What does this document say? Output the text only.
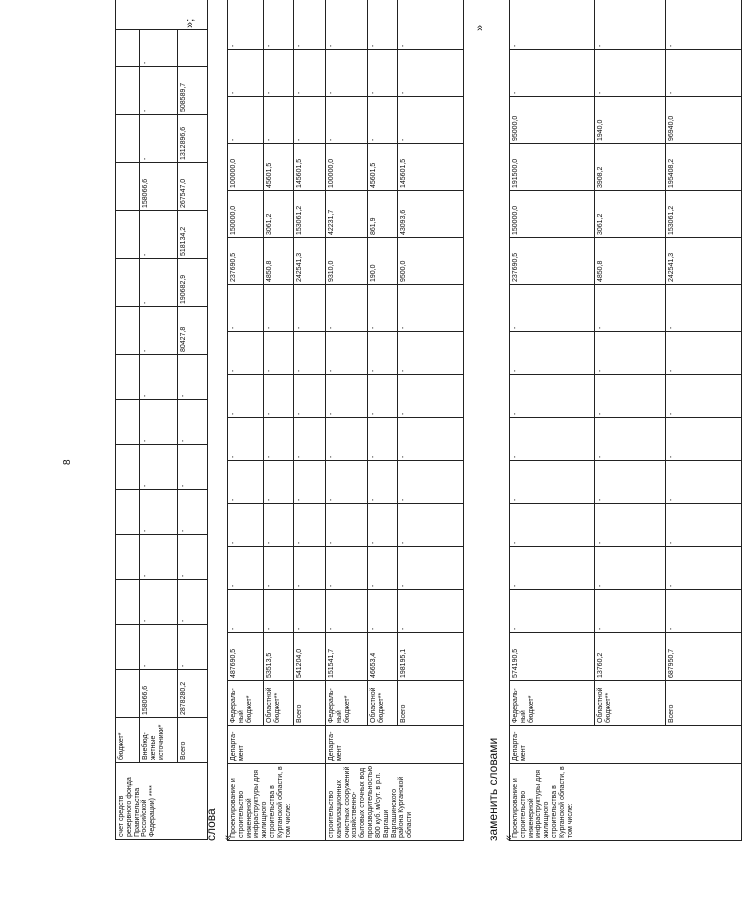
8
счет средств резервного фонда Правительства Российской Федерации) ****		бюджет*																
	Внебюд-жетные источники*	158066,6	-	-	-	-	-	-	-	-	-	-	158066,6	-	-	-	
	Всего	2878280,2	-	-	-	-	-	-	-	80427,8	190682,9	518134,2	267547,0	1312896,6	508589,7		
»;
слова «
Проектирование и строительство инженерной инфраструктуры для жилищного строительства в Курганской области, в том числе:	Департа-мент	Федераль-ный бюджет*	487690,5	-	-	-	-	-	-	-	-	237690,5	150000,0	100000,0	-	-	-	
		Областной бюджет**	53513,5	-	-	-	-	-	-	-	-	4850,8	3061,2	45601,5	-	-	-	
		Всего	541204,0	-	-	-	-	-	-	-	-	242541,3	153061,2	145601,5	-	-	-	
строительство канализационных очистных сооружений хозяйственно-бытовых сточных вод производительностью 800 куб. м/сут. в р.п. Варгаши Варгашинского района Курганской области	Департа-мент	Федераль-ный бюджет*	151541,7	-	-	-	-	-	-	-	-	9310,0	42231,7	100000,0	-	-	-	
		Областной бюджет**	46653,4	-	-	-	-	-	-	-	-	190,0	861,9	45601,5	-	-	-	
		Всего	198195,1	-	-	-	-	-	-	-	-	9500,0	43093,6	145601,5	-	-	-	
»
заменить словами «
Проектирование и строительство инженерной инфраструктуры для жилищного строительства в Курганской области, в том числе:	Департа-мент	Федераль-ный бюджет*	574190,5	-	-	-	-	-	-	-	-	237690,5	150000,0	191500,0	95000,0	-	-	
		Областной бюджет**	13760,2	-	-	-	-	-	-	-	-	4850,8	3061,2	3908,2	1940,0	-	-	
		Всего	687950,7	-	-	-	-	-	-	-	-	242541,3	153061,2	195408,2	96940,0	-	-	
